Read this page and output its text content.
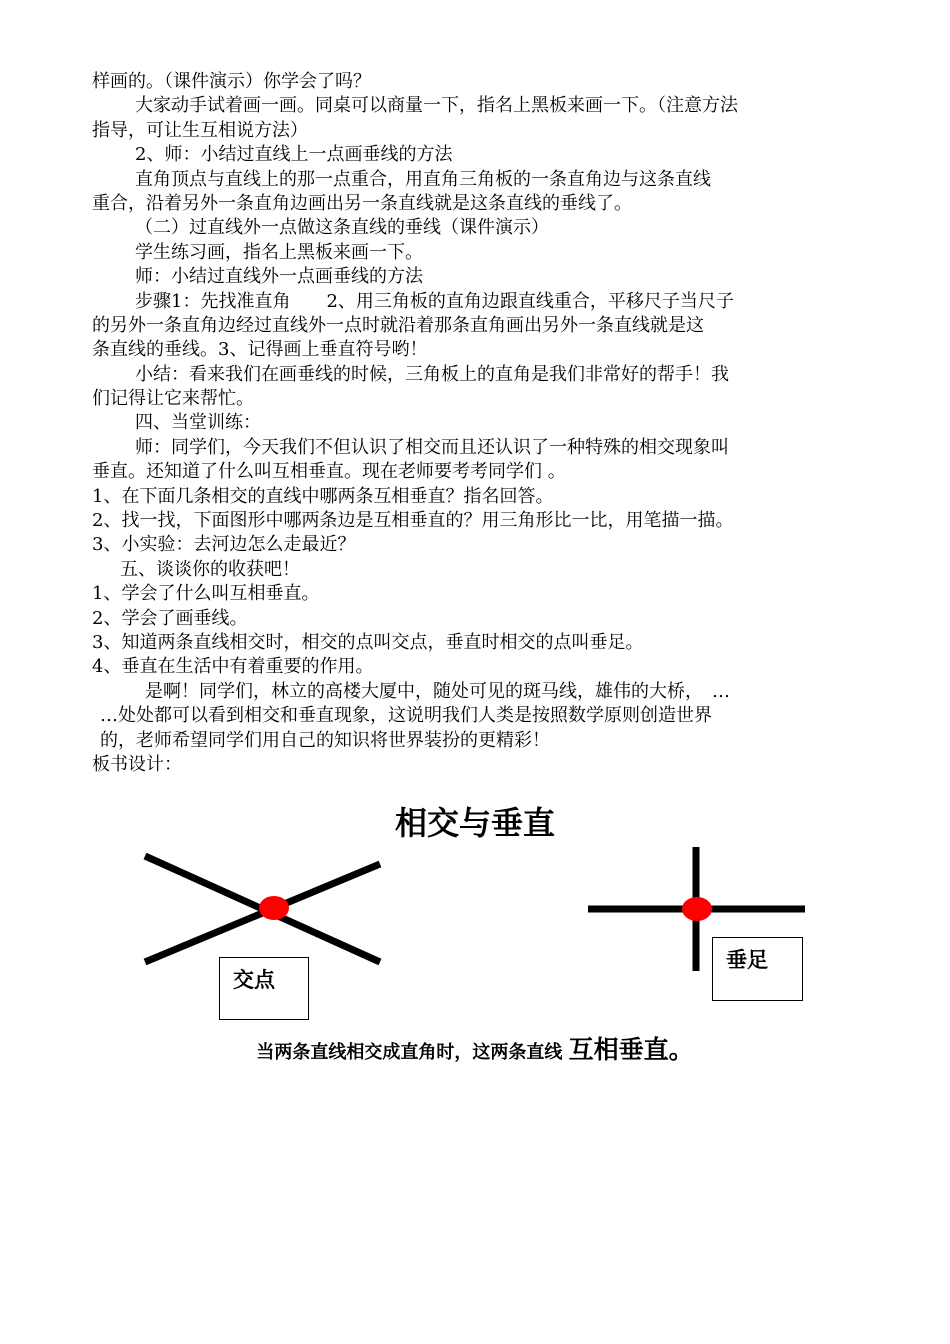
样画的。（课件演示）你学会了吗？
大家动手试着画一画。同桌可以商量一下，指名上黑板来画一下。（注意方法
指导，可让生互相说方法）
2、师：小结过直线上一点画垂线的方法
直角顶点与直线上的那一点重合，用直角三角板的一条直角边与这条直线
重合，沿着另外一条直角边画出另一条直线就是这条直线的垂线了。
（二）过直线外一点做这条直线的垂线（课件演示）
学生练习画，指名上黑板来画一下。
师：小结过直线外一点画垂线的方法
步骤1：先找准直角　　2、用三角板的直角边跟直线重合，平移尺子当尺子
的另外一条直角边经过直线外一点时就沿着那条直角画出另外一条直线就是这
条直线的垂线。3、记得画上垂直符号哟！
小结：看来我们在画垂线的时候，三角板上的直角是我们非常好的帮手！我
们记得让它来帮忙。
四、当堂训练：
师：同学们，今天我们不但认识了相交而且还认识了一种特殊的相交现象叫
垂直。还知道了什么叫互相垂直。现在老师要考考同学们 。
1、在下面几条相交的直线中哪两条互相垂直？指名回答。
2、找一找，下面图形中哪两条边是互相垂直的？用三角形比一比，用笔描一描。
3、小实验：去河边怎么走最近？
五、谈谈你的收获吧！
1、学会了什么叫互相垂直。
2、学会了画垂线。
3、知道两条直线相交时，相交的点叫交点，垂直时相交的点叫垂足。
4、垂直在生活中有着重要的作用。
是啊！同学们，林立的高楼大厦中，随处可见的斑马线，雄伟的大桥，　…
…处处都可以看到相交和垂直现象，这说明我们人类是按照数学原则创造世界
的，老师希望同学们用自己的知识将世界装扮的更精彩！
板书设计：
相交与垂直
交点
垂足
当两条直线相交成直角时，这两条直线 互相垂直。
